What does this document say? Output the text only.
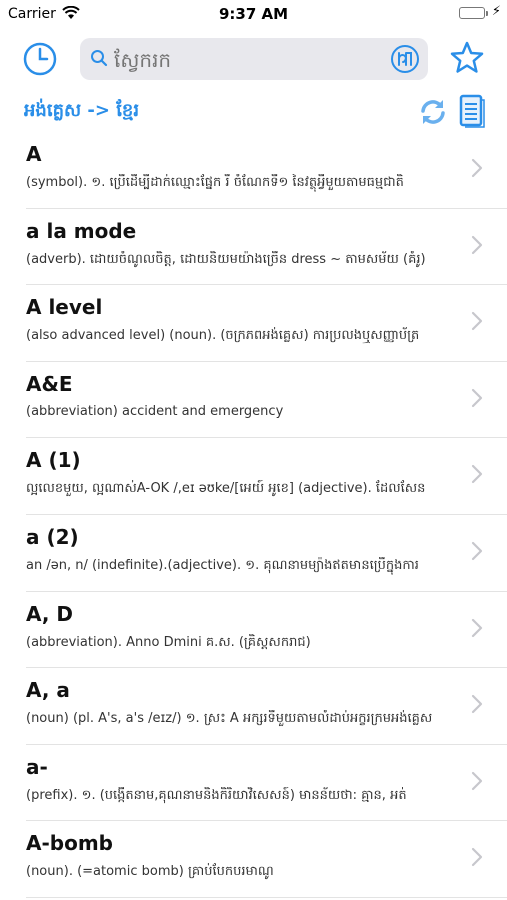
Carrier	9:37 AM	⚡
ស្វែករក
អង់គ្លេស -> ខ្មែរ
A
(symbol). ១. ប្រើដើម្បីដាក់ឈ្មោះផ្នែក រឺ ចំណែកទី១ នៃវត្ថុអ្វីមួយតាមធម្មជាតិ
a la mode
(adverb). ដោយចំណូលចិត្ត, ដោយនិយមយ៉ាងច្រើន dress ~ តាមសម័យ (គំរូ)
A level
(also advanced level) (noun). (ចក្រភពអង់គ្លេស) ការប្រលងឬសញ្ញាប័ត្រ
A&E
(abbreviation) accident and emergency
A (1)
ល្អលេខមួយ, ល្អណាស់A-OK /,eɪ əʊke/[អេយ៍ អូខេ] (adjective). ដែលសែន
a (2)
an /ən, n/ (indefinite).(adjective). ១. គុណនាមម្យ៉ាងឥតមានប្រើក្នុងការ
A, D
(abbreviation). Anno Dmini គ.ស. (គ្រិស្តសករាជ)
A, a
(noun) (pl. A's, a's /eɪz/) ១. ស្រះ A អក្សរទីមួយតាមលំដាប់អក្ខរក្រមអង់គ្លេស
a-
(prefix). ១. (បង្កើតនាម,គុណនាមនិងកិរិយាវិសេសន៍) មានន័យថា: គ្មាន, អត់
A-bomb
(noun). (=atomic bomb) គ្រាប់បែកបរមាណូ
